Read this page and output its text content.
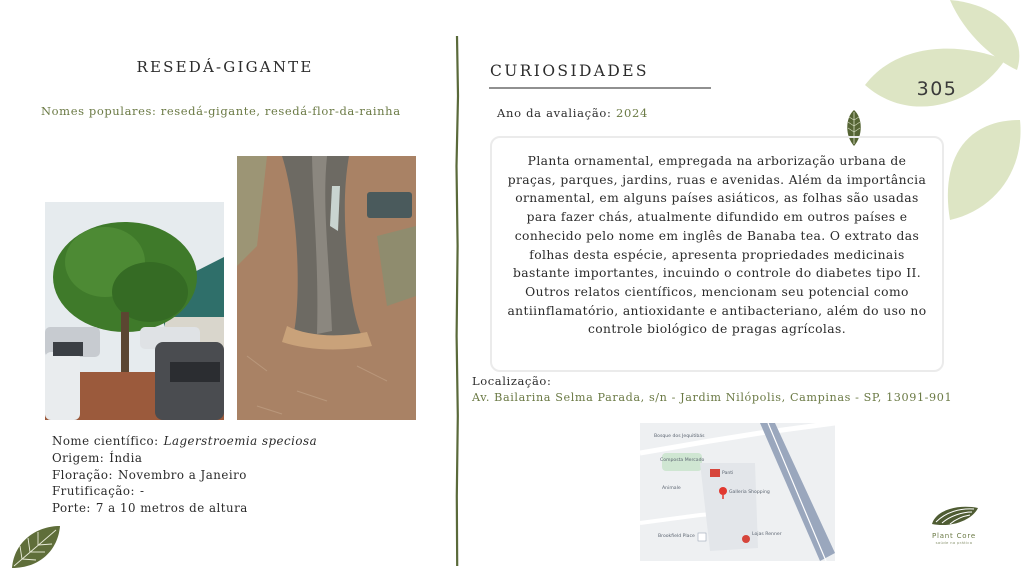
305
RESEDÁ-GIGANTE
Nomes populares: resedá-gigante, resedá-flor-da-rainha
Nome científico: Lagerstroemia speciosa
Origem: Índia
Floração: Novembro a Janeiro
Frutificação: -
Porte: 7 a 10 metros de altura
CURIOSIDADES
Ano da avaliação: 2024

Planta ornamental, empregada na arborização urbana de praças, parques, jardins, ruas e avenidas. Além da importância ornamental, em alguns países asiáticos, as folhas são usadas para fazer chás, atualmente difundido em outros países e conhecido pelo nome em inglês de Banaba tea. O extrato das folhas desta espécie, apresenta propriedades medicinais bastante importantes, incuindo o controle do diabetes tipo II. Outros relatos científicos, mencionam seu potencial como antiinflamatório, antioxidante e antibacteriano, além do uso no controle biológico de pragas agrícolas.

Localização:
Av. Bailarina Selma Parada, s/n - Jardim Nilópolis, Campinas - SP, 13091-901
Bosque dos Jequitibás
Composta Mercado
Panti
Galleria Shopping
Animale
Lojas Renner
Brookfield Place	Plant Core
saúde na prática
